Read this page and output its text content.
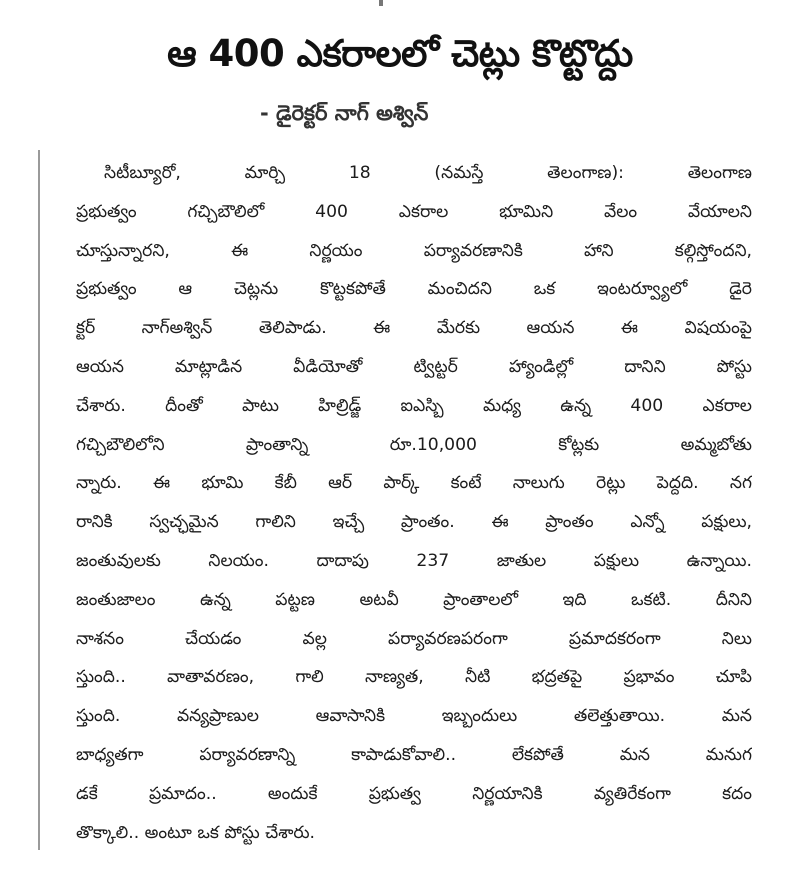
ఆ 400 ఎకరాలలో చెట్లు కొట్టొద్దు
- డైరెక్టర్ నాగ్ అశ్విన్
సిటీబ్యూరో, మార్చి 18 (నమస్తే తెలంగాణ): తెలంగాణ
ప్రభుత్వం గచ్చిబౌలిలో 400 ఎకరాల భూమిని వేలం వేయాలని
చూస్తున్నారని, ఈ నిర్ణయం పర్యావరణానికి హాని కల్గిస్తోందని,
ప్రభుత్వం ఆ చెట్లను కొట్టకపోతే మంచిదని ఒక ఇంటర్వ్యూలో డైరె
క్టర్ నాగ్అశ్విన్ తెలిపాడు. ఈ మేరకు ఆయన ఈ విషయంపై
ఆయన మాట్లాడిన వీడియోతో ట్విట్టర్ హ్యాండిల్లో దానిని పోస్టు
చేశారు. దీంతో పాటు హిల్రిడ్జ్ ఐఎస్బి మధ్య ఉన్న 400 ఎకరాల
గచ్చిబౌలిలోని ప్రాంతాన్ని రూ.10,000 కోట్లకు అమ్మబోతు
న్నారు. ఈ భూమి కేబీ ఆర్ పార్క్ కంటే నాలుగు రెట్లు పెద్దది. నగ
రానికి స్వచ్ఛమైన గాలిని ఇచ్చే ప్రాంతం. ఈ ప్రాంతం ఎన్నో పక్షులు,
జంతువులకు నిలయం. దాదాపు 237 జాతుల పక్షులు ఉన్నాయి.
జంతుజాలం ఉన్న పట్టణ అటవీ ప్రాంతాలలో ఇది ఒకటి. దీనిని
నాశనం చేయడం వల్ల పర్యావరణపరంగా ప్రమాదకరంగా నిలు
స్తుంది.. వాతావరణం, గాలి నాణ్యత, నీటి భద్రతపై ప్రభావం చూపి
స్తుంది. వన్యప్రాణుల ఆవాసానికి ఇబ్బందులు తలెత్తుతాయి. మన
బాధ్యతగా పర్యావరణాన్ని కాపాడుకోవాలి.. లేకపోతే మన మనుగ
డకే ప్రమాదం.. అందుకే ప్రభుత్వ నిర్ణయానికి వ్యతిరేకంగా కదం
తొక్కాలి.. అంటూ ఒక పోస్టు చేశారు.
